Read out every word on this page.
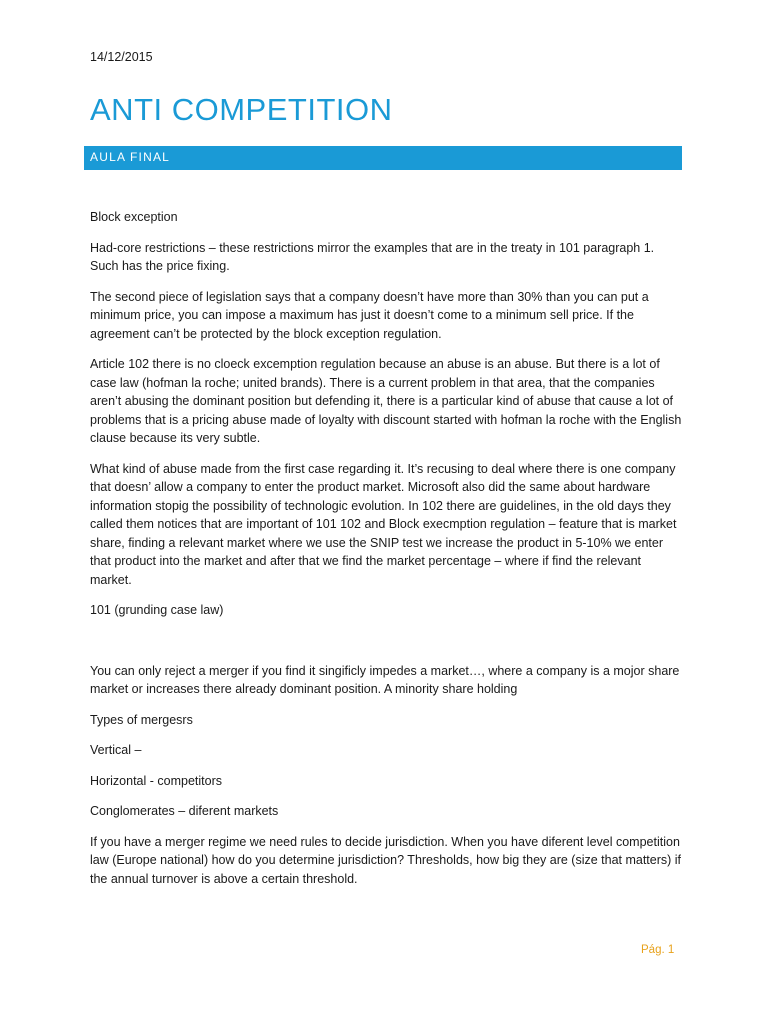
14/12/2015
ANTI COMPETITION
AULA FINAL

Block exception

Had-core restrictions – these restrictions mirror the examples that are in the treaty in 101 paragraph 1. Such has the price fixing.

The second piece of legislation says that a company doesn’t have more than 30% than you can put a minimum price, you can impose a maximum has just it doesn’t come to a minimum sell price. If the agreement can’t be protected by the block exception regulation.

Article 102 there is no cloeck excemption regulation because an abuse is an abuse. But there is a lot of case law (hofman la roche; united brands). There is a current problem in that area, that the companies aren’t abusing the dominant position but defending it, there is a particular kind of abuse that cause a lot of problems that is a pricing abuse made of loyalty with discount started with hofman la roche with the English clause because its very subtle.

What kind of abuse made from the first case regarding it. It’s recusing to deal where there is one company that doesn’ allow a company to enter the product market. Microsoft also did the same about hardware information stopig the possibility of technologic evolution. In 102 there are guidelines, in the old days they called them notices that are important of 101 102 and Block execmption regulation – feature that is market share, finding a relevant market where we use the SNIP test we increase the product in 5-10% we enter that product into the market and after that we find the market percentage – where if find the relevant market.

101 (grunding case law)

You can only reject a merger if you find it singificly impedes a market…, where a company is a mojor share market or increases there already dominant position. A minority share holding

Types of mergesrs

Vertical –

Horizontal - competitors

Conglomerates – diferent markets

If you have a merger regime we need rules to decide jurisdiction. When you have diferent level competition law (Europe national) how do you determine jurisdiction? Thresholds, how big they are (size that matters) if the annual turnover is above a certain threshold.

Pág. 1
